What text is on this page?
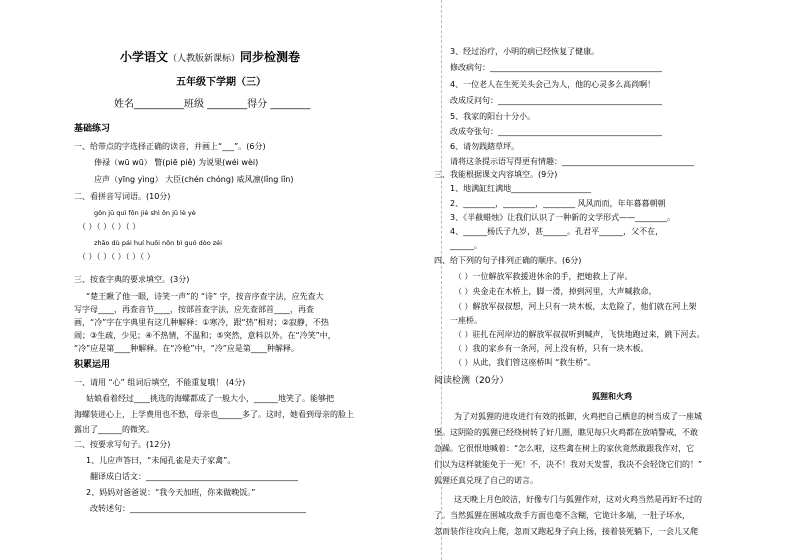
小学语文（人教版新课标）同步检测卷
五年级下学期（三）
姓名__________班级 ________得分 ________
基础练习
一、给带点的字选择正确的读音，并画上“___”。(6分)
俸禄（wū wū） 瞥(piē piě) 为说果(wéi wèi)
应声（yīng yìng） 大臣(chén chóng) 威风凛(lǐng lǐn)
二、看拼音写词语。(10分)
gōn jū quì fōn jiè shì ōn jū lè yè
（ ）（ ）（ ）（ ）
zhāo dù pái huí huōi nōn bì guó dòo zéi
（ ）（ ）（ ）（ ）（ ）
三、按查字典的要求填空。(3分)
“楚王瞅了他一眼，诗笑一声”的 “诗” 字，按音序查字法，应先查大
写字母____，再查音节____，按部首查字法，应先查部首____，再查
画，“冷”字在字典里有这几种解释：①寒冷，跟“热”相对；②寂静，不热
闹；③生疏，少见；④不热情，不温和；⑤突然，意料以外。在“冷笑”中，
“冷”应是第____种解释。在“冷枪”中，“冷”应是第____种解释。
积累运用
一、请用 “心” 组词后填空，不能重复哦！ (4分)
姑娘看着经过____挑选的海螺都成了一般大小，______地笑了。能够把
海螺装进心上，上学费用也不愁，母亲也______多了。这时，她看到母亲的脸上
露出了______的微笑。
二、按要求写句子。(12分)
1、儿应声答曰，“未闻孔雀是夫子家禽”。
翻译成白话文：______________________________________
2、妈妈对爸爸说：“我今天加班，你来做晚饭。”
改转述句：____________________________________________
3、经过治疗，小明的病已经恢复了健康。
修改病句：___________________________________________
4、一位老人在生死关头会己为人，他的心灵多么高尚啊！
改成反问句：_________________________________________
5、我家的阳台十分小。
改成夸张句：_________________________________________
6、请勿践踏草坪。
请将这条提示语写得更有情趣：_________________________________
三、我能根据课文内容填空。(9分)
1、地满缸红满地____________________
2、________，________，________ 风风而而，年年暮暮朝朝
3、《半截蜡烛》让我们认识了一种新的文学形式——________。
4、______杨氏子九岁，甚______。孔君平______，父不在，
______。
四、给下列的句子排列正确的顺序。(6分)
（ ）一位解放军救援进休余的手，把她救上了岸。
（ ）央金走在木桥上，脚一滑，掉到河里，大声喊救命。
（ ）解放军叔叔想，河上只有一块木板，太危险了，他们就在河上架
一座桥。
（ ）驻扎在河岸边的解放军叔叔听到喊声，飞快地跑过来，跳下河去。
（ ）我的家乡有一条河，河上没有桥，只有一块木板。
（ ）从此，我们管这座桥叫 “救生桥”。
阅读检测（20分）
狐狸和火鸡
为了对狐狸的进攻进行有效的抵御，火鸡把自己栖息的树当成了一座城
堡。这阴险的狐狸已经绕树转了好几圈，瞧见每只火鸡都在放哨警戒，不敢
急躁。它很恨地喊着：“怎么啦，这些禽在树上的家伙竟然敢跟我作对，它
们以为这样就能免于一死！不，决不！我对天发誓，我决不会轻饶它们的！”
狐狸还真兑现了自己的诺言。
这天晚上月色皎洁，好像专门与狐狸作对，这对火鸡当然是再好不过的
了。当然狐狸在围城攻敌手方面也毫不含糊，它诡计多端，一肚子坏水，
忽而装作往攻向上爬，忽而又跑起身子向上扬，接着装死躺下，一会儿又爬
